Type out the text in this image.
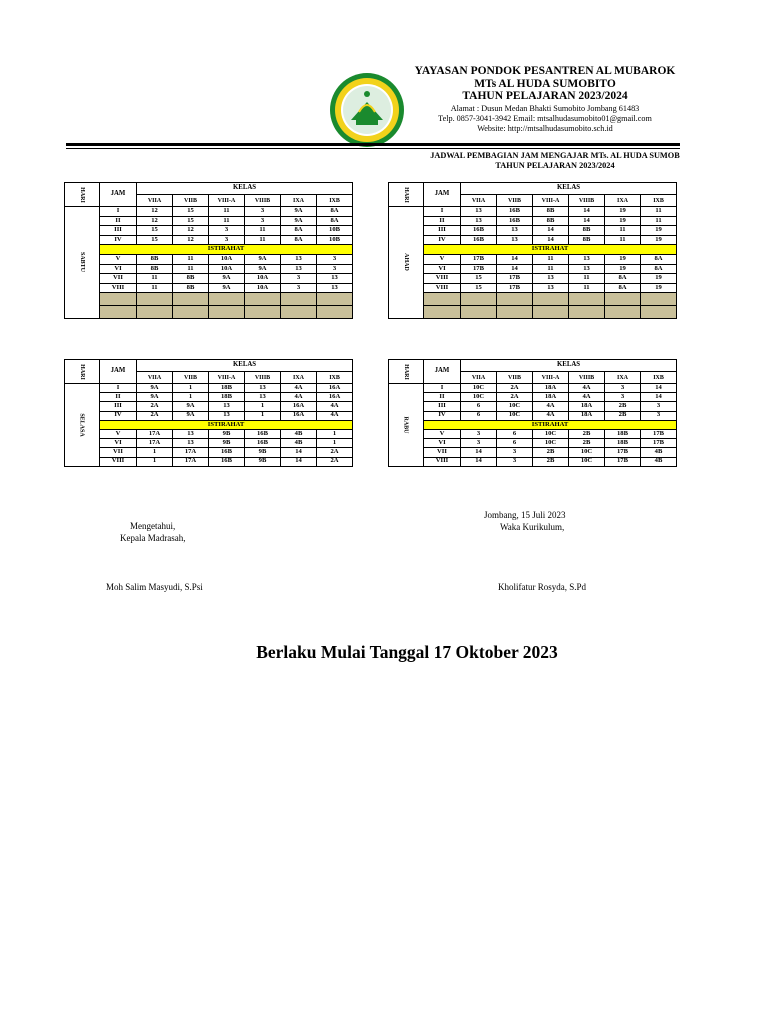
YAYASAN PONDOK PESANTREN AL MUBAROK
MTs AL HUDA SUMOBITO
TAHUN PELAJARAN 2023/2024
Alamat : Dusun Medan Bhakti Sumobito Jombang 61483
Telp. 0857-3041-3942 Email: mtsalhudasumobito01@gmail.com
Website: http://mtsalhudasumobito.sch.id
JADWAL PEMBAGIAN JAM MENGAJAR MTs. AL HUDA SUMOB
TAHUN PELAJARAN 2023/2024
HARI	JAM	KELAS					
		VIIA	VIIB	VIII-A	VIIIB	IXA	IXB
SABTU	I	12	15	11	3	9A	8A
	II	12	15	11	3	9A	8A
	III	15	12	3	11	8A	10B
	IV	15	12	3	11	8A	10B
	ISTIRAHAT						
	V	8B	11	10A	9A	13	3
	VI	8B	11	10A	9A	13	3
	VII	11	8B	9A	10A	3	13
	VIII	11	8B	9A	10A	3	13

HARI	JAM	KELAS					
		VIIA	VIIB	VIII-A	VIIIB	IXA	IXB
AHAD	I	13	16B	8B	14	19	11
	II	13	16B	8B	14	19	11
	III	16B	13	14	8B	11	19
	IV	16B	13	14	8B	11	19
	ISTIRAHAT						
	V	17B	14	11	13	19	8A
	VI	17B	14	11	13	19	8A
	VIII	15	17B	13	11	8A	19
	VIII	15	17B	13	11	8A	19

HARI	JAM	KELAS					
		VIIA	VIIB	VIII-A	VIIIB	IXA	IXB
SELASA	I	9A	1	18B	13	4A	16A
	II	9A	1	18B	13	4A	16A
	III	2A	9A	13	1	16A	4A
	IV	2A	9A	13	1	16A	4A
	ISTIRAHAT						
	V	17A	13	9B	16B	4B	1
	VI	17A	13	9B	16B	4B	1
	VII	1	17A	16B	9B	14	2A
	VIII	1	17A	16B	9B	14	2A
HARI	JAM	KELAS					
		VIIA	VIIB	VIII-A	VIIIB	IXA	IXB
RABU	I	10C	2A	18A	4A	3	14
	II	10C	2A	18A	4A	3	14
	III	6	10C	4A	18A	2B	3
	IV	6	10C	4A	18A	2B	3
	ISTIRAHAT						
	V	3	6	10C	2B	18B	17B
	VI	3	6	10C	2B	18B	17B
	VII	14	3	2B	10C	17B	4B
	VIII	14	3	2B	10C	17B	4B
Mengetahui,
Kepala Madrasah,
Moh Salim Masyudi, S.Psi
Jombang, 15 Juli 2023
Waka Kurikulum,
Kholifatur Rosyda, S.Pd
Berlaku Mulai Tanggal 17 Oktober 2023
